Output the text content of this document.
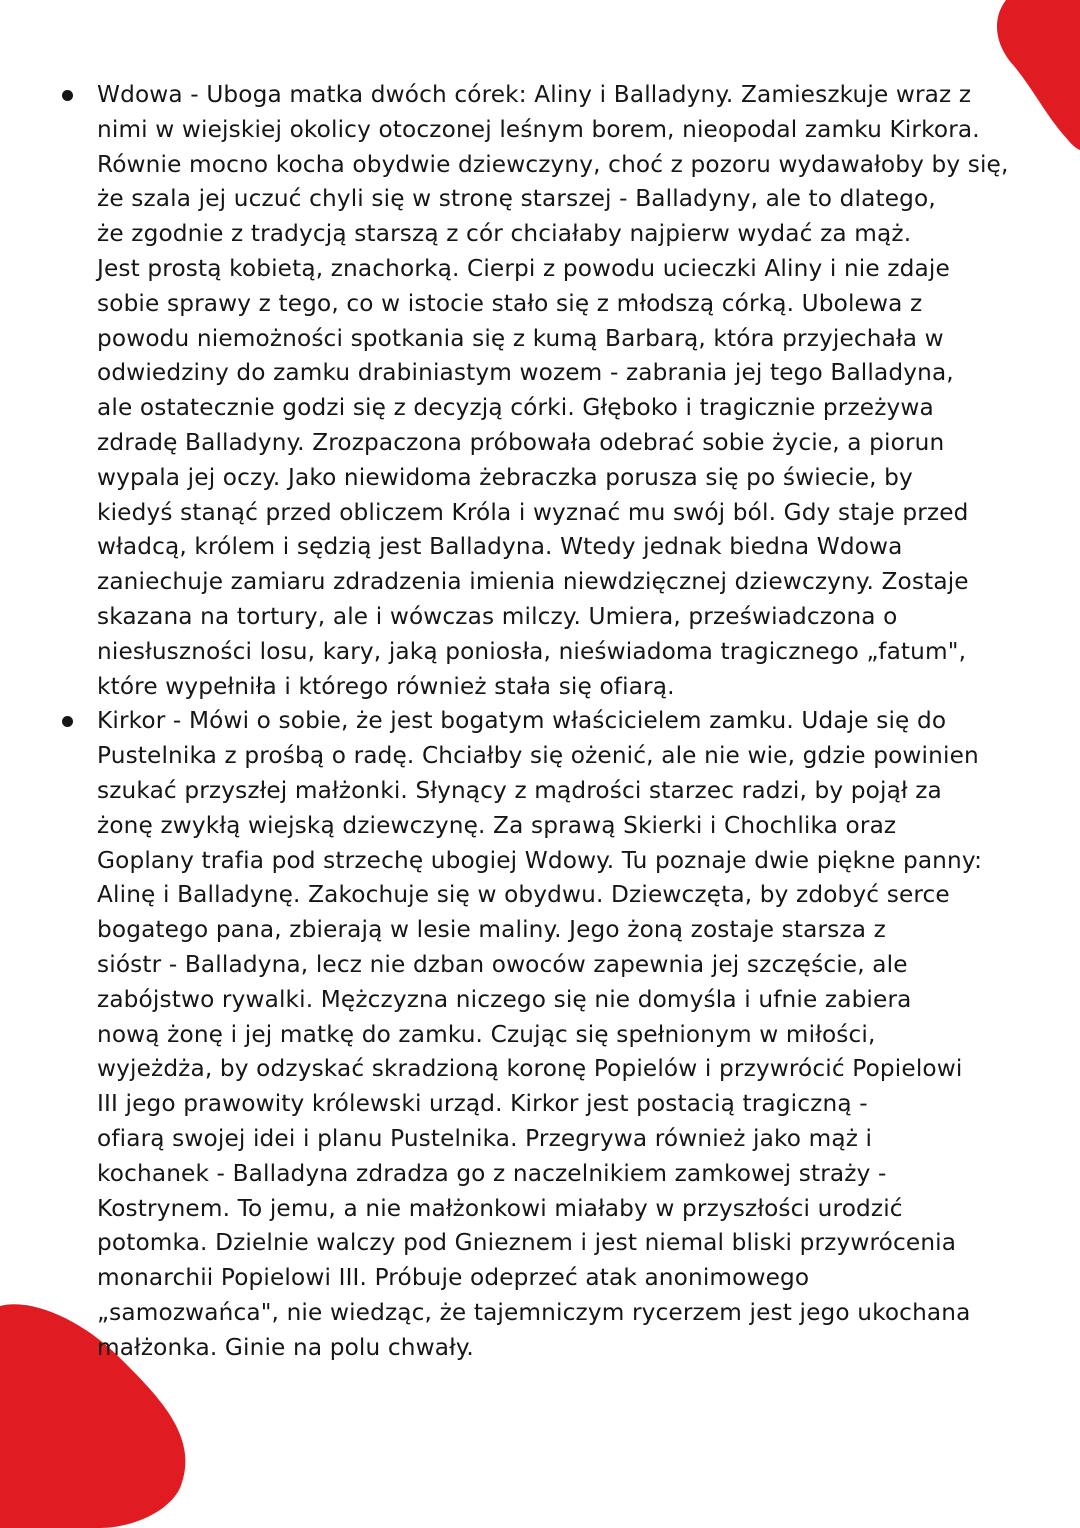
Wdowa - Uboga matka dwóch córek: Aliny i Balladyny. Zamieszkuje wraz z
nimi w wiejskiej okolicy otoczonej leśnym borem, nieopodal zamku Kirkora.
Równie mocno kocha obydwie dziewczyny, choć z pozoru wydawałoby by się,
że szala jej uczuć chyli się w stronę starszej - Balladyny, ale to dlatego,
że zgodnie z tradycją starszą z cór chciałaby najpierw wydać za mąż.
Jest prostą kobietą, znachorką. Cierpi z powodu ucieczki Aliny i nie zdaje
sobie sprawy z tego, co w istocie stało się z młodszą córką. Ubolewa z
powodu niemożności spotkania się z kumą Barbarą, która przyjechała w
odwiedziny do zamku drabiniastym wozem - zabrania jej tego Balladyna,
ale ostatecznie godzi się z decyzją córki. Głęboko i tragicznie przeżywa
zdradę Balladyny. Zrozpaczona próbowała odebrać sobie życie, a piorun
wypala jej oczy. Jako niewidoma żebraczka porusza się po świecie, by
kiedyś stanąć przed obliczem Króla i wyznać mu swój ból. Gdy staje przed
władcą, królem i sędzią jest Balladyna. Wtedy jednak biedna Wdowa
zaniechuje zamiaru zdradzenia imienia niewdzięcznej dziewczyny. Zostaje
skazana na tortury, ale i wówczas milczy. Umiera, przeświadczona o
niesłuszności losu, kary, jaką poniosła, nieświadoma tragicznego „fatum",
które wypełniła i którego również stała się ofiarą.
Kirkor - Mówi o sobie, że jest bogatym właścicielem zamku. Udaje się do
Pustelnika z prośbą o radę. Chciałby się ożenić, ale nie wie, gdzie powinien
szukać przyszłej małżonki. Słynący z mądrości starzec radzi, by pojął za
żonę zwykłą wiejską dziewczynę. Za sprawą Skierki i Chochlika oraz
Goplany trafia pod strzechę ubogiej Wdowy. Tu poznaje dwie piękne panny:
Alinę i Balladynę. Zakochuje się w obydwu. Dziewczęta, by zdobyć serce
bogatego pana, zbierają w lesie maliny. Jego żoną zostaje starsza z
sióstr - Balladyna, lecz nie dzban owoców zapewnia jej szczęście, ale
zabójstwo rywalki. Mężczyzna niczego się nie domyśla i ufnie zabiera
nową żonę i jej matkę do zamku. Czując się spełnionym w miłości,
wyjeżdża, by odzyskać skradzioną koronę Popielów i przywrócić Popielowi
III jego prawowity królewski urząd. Kirkor jest postacią tragiczną -
ofiarą swojej idei i planu Pustelnika. Przegrywa również jako mąż i
kochanek - Balladyna zdradza go z naczelnikiem zamkowej straży -
Kostrynem. To jemu, a nie małżonkowi miałaby w przyszłości urodzić
potomka. Dzielnie walczy pod Gnieznem i jest niemal bliski przywrócenia
monarchii Popielowi III. Próbuje odeprzeć atak anonimowego
„samozwańca", nie wiedząc, że tajemniczym rycerzem jest jego ukochana
małżonka. Ginie na polu chwały.
